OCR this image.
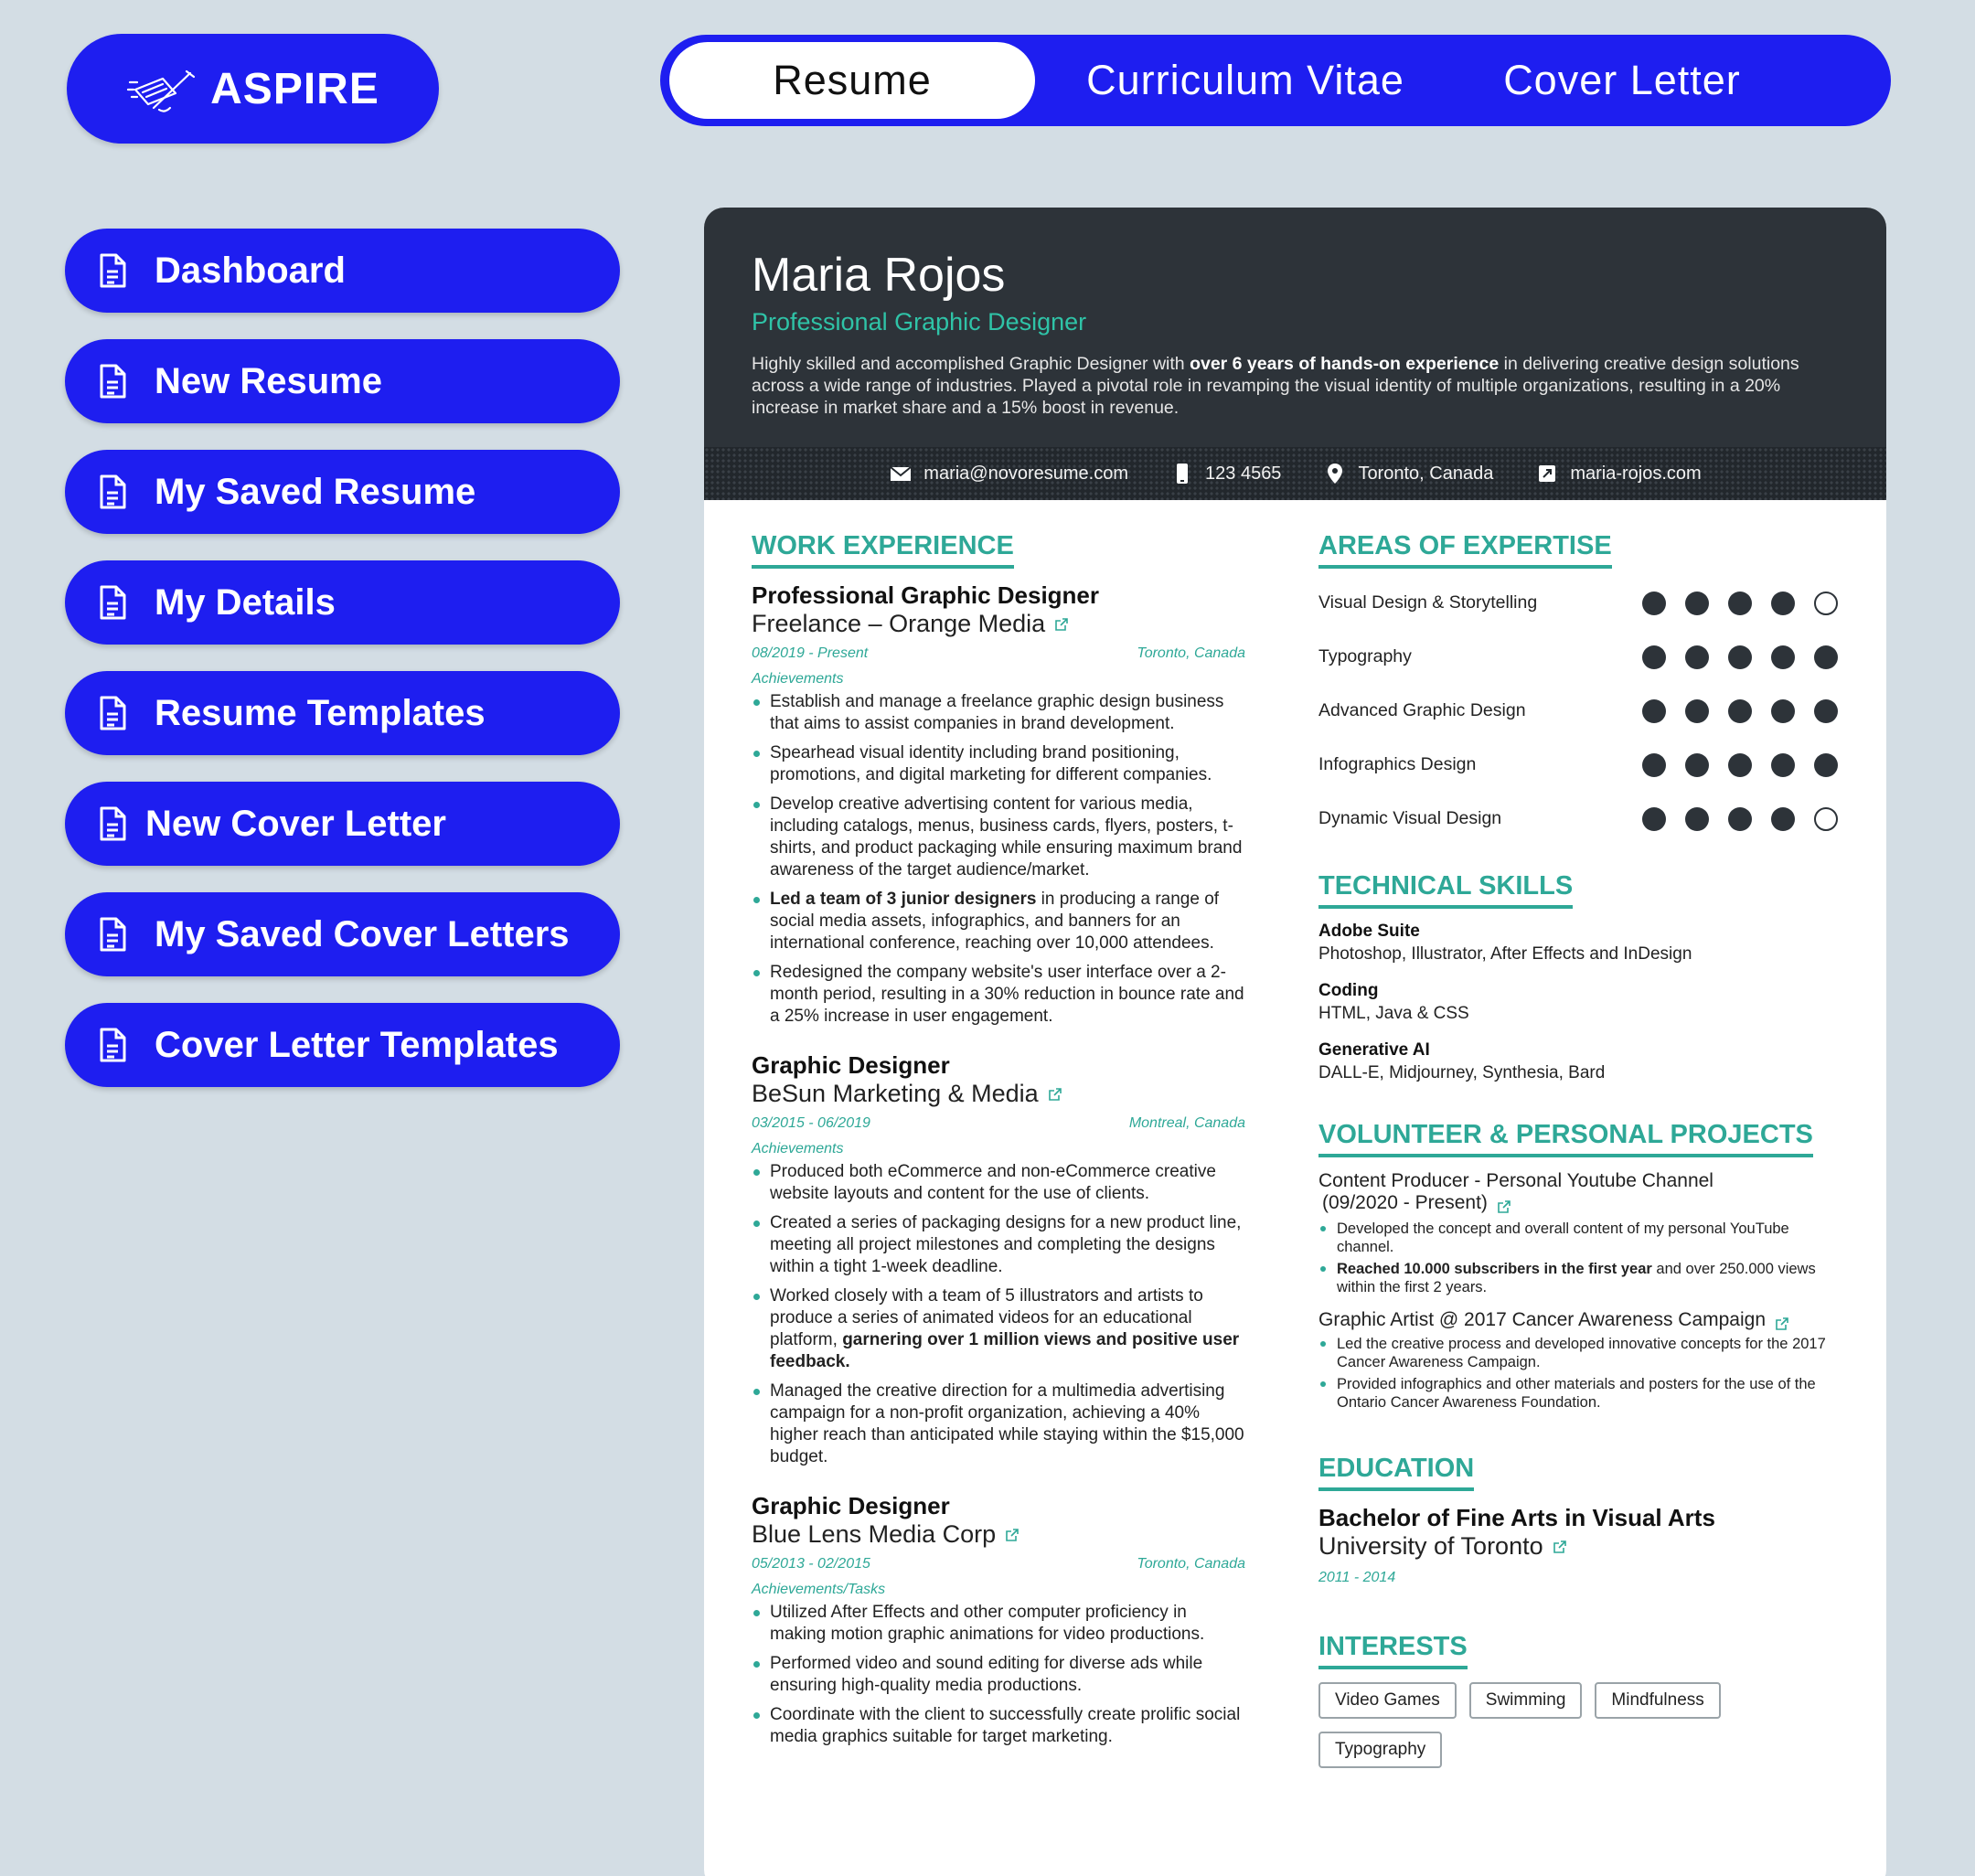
ASPIRE	Resume	Curriculum Vitae	Cover Letter
Dashboard
New Resume
My Saved Resume
My Details
Resume Templates
New Cover Letter
My Saved Cover Letters
Cover Letter Templates
Maria Rojos
Professional Graphic Designer
Highly skilled and accomplished Graphic Designer with over 6 years of hands-on experience in delivering creative design solutions across a wide range of industries. Played a pivotal role in revamping the visual identity of multiple organizations, resulting in a 20% increase in market share and a 15% boost in revenue.
maria@novoresume.com	123 4565	Toronto, Canada	maria-rojos.com
WORK EXPERIENCE
Professional Graphic Designer
Freelance – Orange Media
08/2019 - Present	Toronto, Canada
Achievements
Establish and manage a freelance graphic design business that aims to assist companies in brand development.
Spearhead visual identity including brand positioning, promotions, and digital marketing for different companies.
Develop creative advertising content for various media, including catalogs, menus, business cards, flyers, posters, t-shirts, and product packaging while ensuring maximum brand awareness of the target audience/market.
Led a team of 3 junior designers in producing a range of social media assets, infographics, and banners for an international conference, reaching over 10,000 attendees.
Redesigned the company website's user interface over a 2-month period, resulting in a 30% reduction in bounce rate and a 25% increase in user engagement.
Graphic Designer
BeSun Marketing & Media
03/2015 - 06/2019	Montreal, Canada
Achievements
Produced both eCommerce and non-eCommerce creative website layouts and content for the use of clients.
Created a series of packaging designs for a new product line, meeting all project milestones and completing the designs within a tight 1-week deadline.
Worked closely with a team of 5 illustrators and artists to produce a series of animated videos for an educational platform, garnering over 1 million views and positive user feedback.
Managed the creative direction for a multimedia advertising campaign for a non-profit organization, achieving a 40% higher reach than anticipated while staying within the $15,000 budget.
Graphic Designer
Blue Lens Media Corp
05/2013 - 02/2015	Toronto, Canada
Achievements/Tasks
Utilized After Effects and other computer proficiency in making motion graphic animations for video productions.
Performed video and sound editing for diverse ads while ensuring high-quality media productions.
Coordinate with the client to successfully create prolific social media graphics suitable for target marketing.
AREAS OF EXPERTISE
Visual Design & Storytelling
Typography
Advanced Graphic Design
Infographics Design
Dynamic Visual Design
TECHNICAL SKILLS
Adobe Suite
Photoshop, Illustrator, After Effects and InDesign
Coding
HTML, Java & CSS
Generative AI
DALL-E, Midjourney, Synthesia, Bard
VOLUNTEER & PERSONAL PROJECTS
Content Producer - Personal Youtube Channel
(09/2020 - Present)
Developed the concept and overall content of my personal YouTube channel.
Reached 10.000 subscribers in the first year and over 250.000 views within the first 2 years.
Graphic Artist @ 2017 Cancer Awareness Campaign
Led the creative process and developed innovative concepts for the 2017 Cancer Awareness Campaign.
Provided infographics and other materials and posters for the use of the Ontario Cancer Awareness Foundation.
EDUCATION
Bachelor of Fine Arts in Visual Arts
University of Toronto
2011 - 2014
INTERESTS
Video Games	Swimming	Mindfulness
Typography
